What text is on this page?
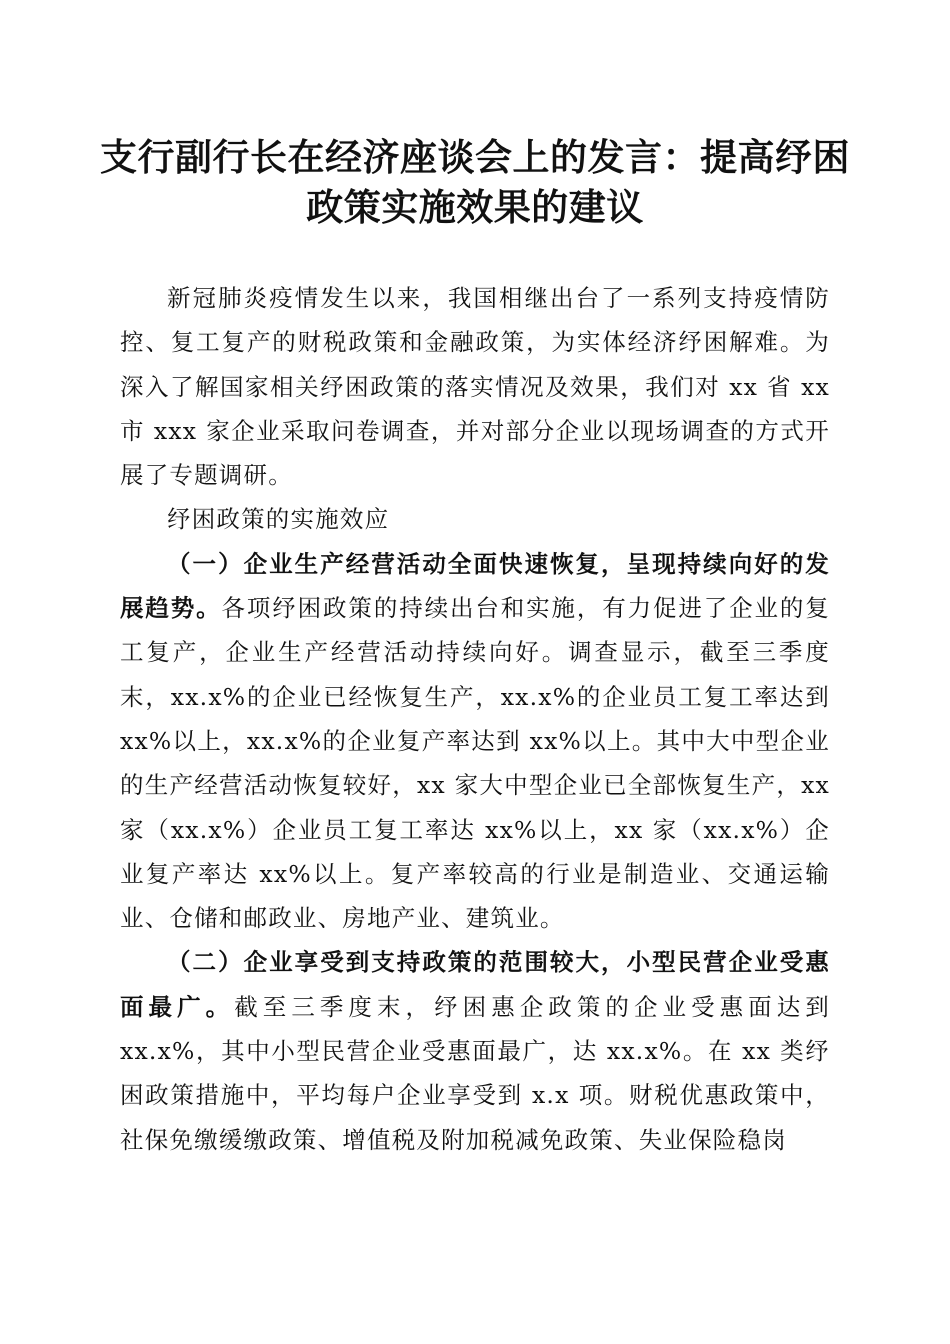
支行副行长在经济座谈会上的发言：提高纾困
政策实施效果的建议

新冠肺炎疫情发生以来，我国相继出台了一系列支持疫情防控、复工复产的财税政策和金融政策，为实体经济纾困解难。为深入了解国家相关纾困政策的落实情况及效果，我们对 xx 省 xx 市 xxx 家企业采取问卷调查，并对部分企业以现场调查的方式开展了专题调研。

纾困政策的实施效应

（一）企业生产经营活动全面快速恢复，呈现持续向好的发展趋势。各项纾困政策的持续出台和实施，有力促进了企业的复工复产，企业生产经营活动持续向好。调查显示，截至三季度末，xx.x%的企业已经恢复生产，xx.x%的企业员工复工率达到 xx%以上，xx.x%的企业复产率达到 xx%以上。其中大中型企业的生产经营活动恢复较好，xx 家大中型企业已全部恢复生产，xx 家（xx.x%）企业员工复工率达 xx%以上，xx 家（xx.x%）企业复产率达 xx%以上。复产率较高的行业是制造业、交通运输业、仓储和邮政业、房地产业、建筑业。

（二）企业享受到支持政策的范围较大，小型民营企业受惠面最广。截至三季度末，纾困惠企政策的企业受惠面达到 xx.x%，其中小型民营企业受惠面最广，达 xx.x%。在 xx 类纾困政策措施中，平均每户企业享受到 x.x 项。财税优惠政策中，社保免缴缓缴政策、增值税及附加税减免政策、失业保险稳岗
